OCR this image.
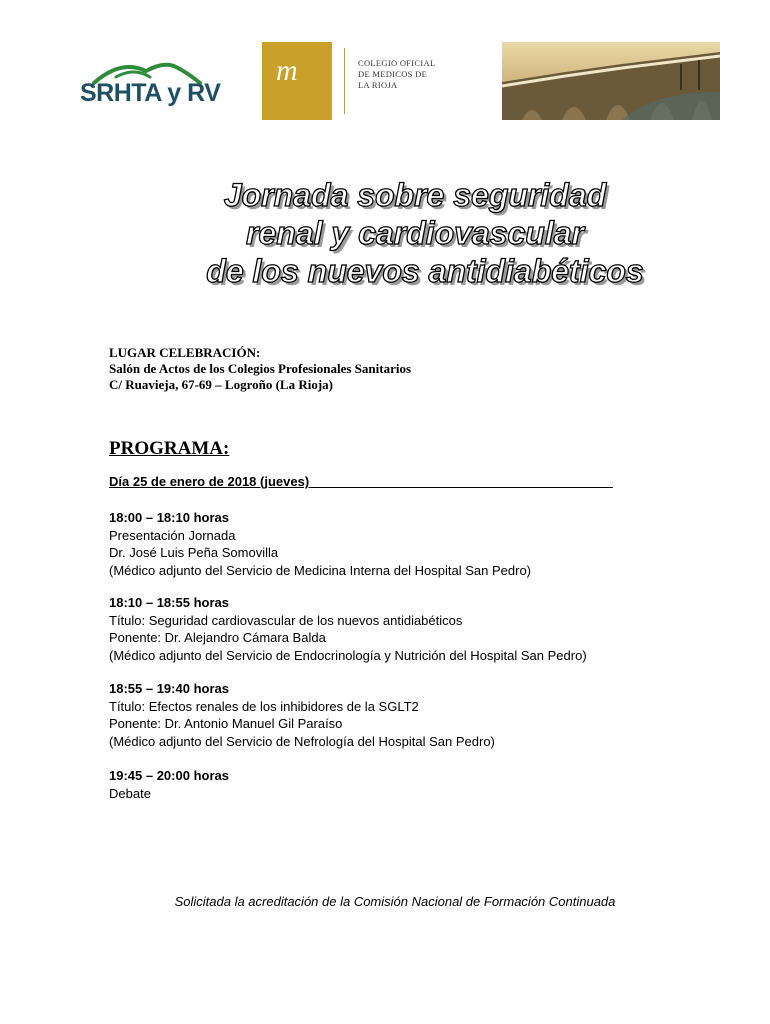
SRHTA y RV
m	COLEGIO OFICIAL
DE MEDICOS DE
LA RIOJA
Jornada sobre seguridad
renal y cardiovascular
de los nuevos antidiabéticos
LUGAR CELEBRACIÓN:
Salón de Actos de los Colegios Profesionales Sanitarios
C/ Ruavieja, 67-69 – Logroño (La Rioja)
PROGRAMA:
Día 25 de enero de 2018 (jueves)__________________________________________
18:00 – 18:10 horas
Presentación Jornada
Dr. José Luis Peña Somovilla
(Médico adjunto del Servicio de Medicina Interna del Hospital San Pedro)
18:10 – 18:55 horas
Título: Seguridad cardiovascular de los nuevos antidiabéticos
Ponente: Dr. Alejandro Cámara Balda
(Médico adjunto del Servicio de Endocrinología y Nutrición del Hospital San Pedro)
18:55 – 19:40 horas
Título: Efectos renales de los inhibidores de la SGLT2
Ponente: Dr. Antonio Manuel Gil Paraíso
(Médico adjunto del Servicio de Nefrología del Hospital San Pedro)
19:45 – 20:00 horas
Debate
Solicitada la acreditación de la Comisión Nacional de Formación Continuada
